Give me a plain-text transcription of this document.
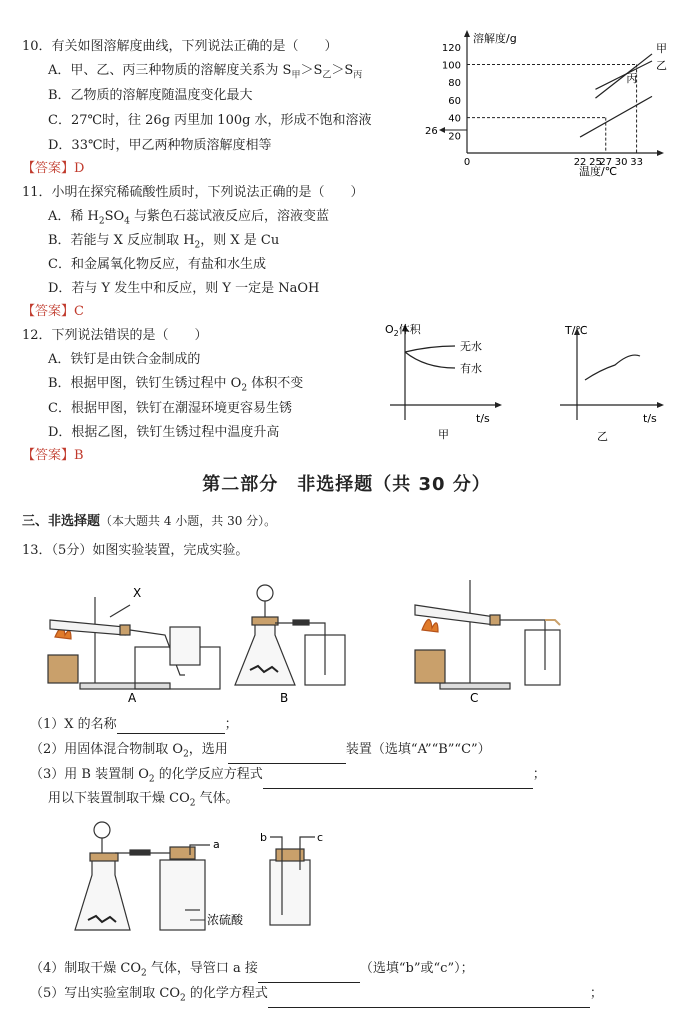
10．有关如图溶解度曲线，下列说法正确的是（　　）
A．甲、乙、丙三种物质的溶解度关系为 $S_甲>S_乙>S_丙$
B．乙物质的溶解度随温度变化最大
C．27℃时，往 26g 丙里加 100g 水，形成不饱和溶液
D．33℃时，甲乙两种物质溶解度相等
【答案】D
溶解度/g
温度/℃
20
40
60
80
100
120
0	22 25
27 30 33
26
甲
乙
丙
11．小明在探究稀硫酸性质时，下列说法正确的是（　　）
A．稀 $H_2SO_4$ 与紫色石蕊试液反应后，溶液变蓝
B．若能与 X 反应制取 $H_2$，则 X 是 Cu
C．和金属氧化物反应，有盐和水生成
D．若与 Y 发生中和反应，则 Y 一定是 NaOH
【答案】C
12．下列说法错误的是（　　）
A．铁钉是由铁合金制成的
B．根据甲图，铁钉生锈过程中 $O_2$ 体积不变
C．根据甲图，铁钉在潮湿环境更容易生锈
D．根据乙图，铁钉生锈过程中温度升高
【答案】B
$O_2$体积
无水
有水
t/s
甲
T/℃
t/s
乙
第二部分　非选择题（共 30 分）
三、非选择题（本大题共 4 小题，共 30 分）。
13．（5分）如图实验装置，完成实验。
X
A	B	C
（1）X 的名称	；
（2）用固体混合物制取 $O_2$，选用	装置（选填“A”“B”“C”）
（3）用 B 装置制 $O_2$ 的化学反应方程式	；
用以下装置制取干燥 $CO_2$ 气体。
a
浓硫酸
b	c
（4）制取干燥 $CO_2$ 气体，导管口 a 接	（选填“b”或“c”）；
（5）写出实验室制取 $CO_2$ 的化学方程式	；
